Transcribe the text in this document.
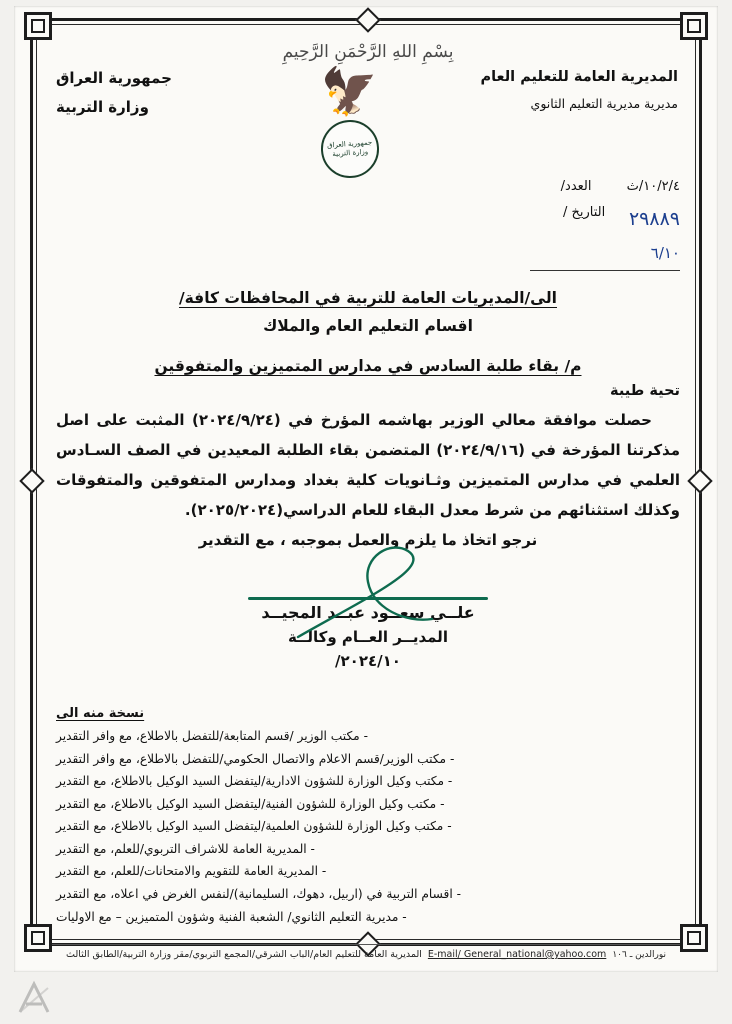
بِسْمِ اللهِ الرَّحْمَنِ الرَّحِيمِ
المديرية العامة للتعليم العام
مديرية مديرية التعليم الثانوي
🦅
جمهورية العراق وزارة التربية
جمهورية العراق
وزارة التربية
١٠/٢/٤/ث
العدد/
٢٩٨٨٩
التاريخ /
٦/١٠
الى/المديريات العامة للتربية في المحافظات كافة/
اقسام التعليم العام والملاك
م/ بقاء طلبة السادس في مدارس المتميزين والمتفوقين
تحية طيبة
حصلت موافقة معالي الوزير بهاشمه المؤرخ في (٢٠٢٤/٩/٢٤) المثبت على اصل مذكرتنا المؤرخة في (٢٠٢٤/٩/١٦) المتضمن بقاء الطلبة المعيدين في الصف السـادس العلمي في مدارس المتميزين وثـانويات كلية بغداد ومدارس المتفوقين والمتفوقات وكذلك استثنائهم من شرط معدل البقاء للعام الدراسي(٢٠٢٥/٢٠٢٤).
نرجو اتخاذ ما يلزم والعمل بموجبه ، مع التقدير
علــي سعــود عبــد المجيــد
المديــر العــام وكالــة
٢٠٢٤/١٠/
نسخة منه الى
- مكتب الوزير /قسم المتابعة/للتفضل بالاطلاع، مع وافر التقدير
- مكتب الوزير/قسم الاعلام والاتصال الحكومي/للتفضل بالاطلاع، مع وافر التقدير
- مكتب وكيل الوزارة للشؤون الادارية/ليتفضل السيد الوكيل بالاطلاع، مع التقدير
- مكتب وكيل الوزارة للشؤون الفنية/ليتفضل السيد الوكيل بالاطلاع، مع التقدير
- مكتب وكيل الوزارة للشؤون العلمية/ليتفضل السيد الوكيل بالاطلاع، مع التقدير
- المديرية العامة للاشراف التربوي/للعلم، مع التقدير
- المديرية العامة للتقويم والامتحانات/للعلم، مع التقدير
- اقسام التربية في (اربيل، دهوك، السليمانية)/لنفس الغرض في اعلاه، مع التقدير
- مديرية التعليم الثانوي/ الشعبة الفنية وشؤون المتميزين – مع الاوليات
نورالدين ـ ١٠٦
E-mail/ General_national@yahoo.com
المديرية العامة للتعليم العام/الباب الشرقي/المجمع التربوي/مقر وزارة التربية/الطابق الثالث
